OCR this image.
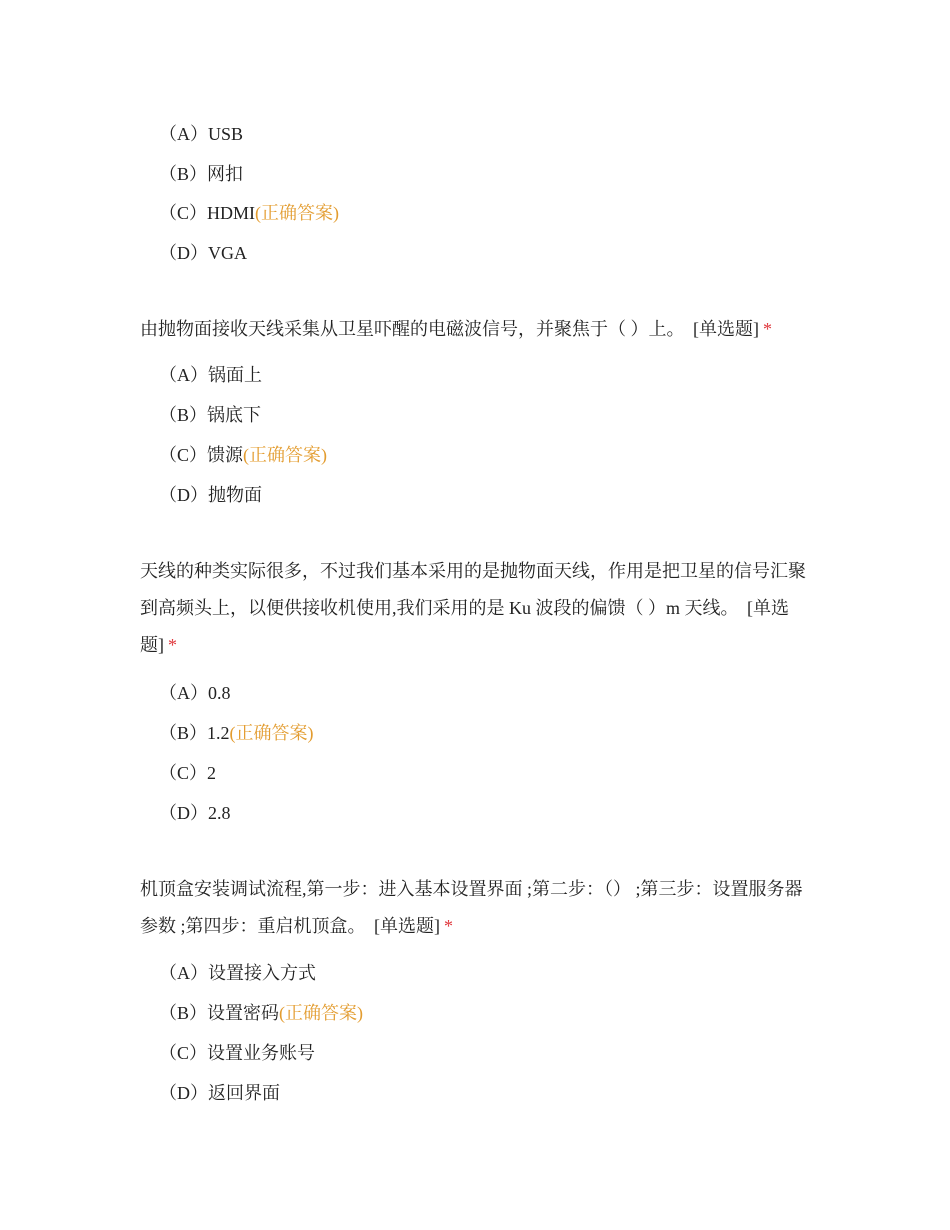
（A）USB
（B）网扣
（C）HDMI(正确答案)
（D）VGA
由抛物面接收天线采集从卫星吓醒的电磁波信号，并聚焦于（ ）上。 [单选题] *
（A）锅面上
（B）锅底下
（C）馈源(正确答案)
（D）抛物面
天线的种类实际很多，不过我们基本采用的是抛物面天线，作用是把卫星的信号汇聚到高频头上，以便供接收机使用,我们采用的是 Ku 波段的偏馈（ ）m 天线。 [单选题] *
（A）0.8
（B）1.2(正确答案)
（C）2
（D）2.8
机顶盒安装调试流程,第一步：进入基本设置界面 ;第二步：（） ;第三步：设置服务器参数 ;第四步：重启机顶盒。 [单选题] *
（A）设置接入方式
（B）设置密码(正确答案)
（C）设置业务账号
（D）返回界面
